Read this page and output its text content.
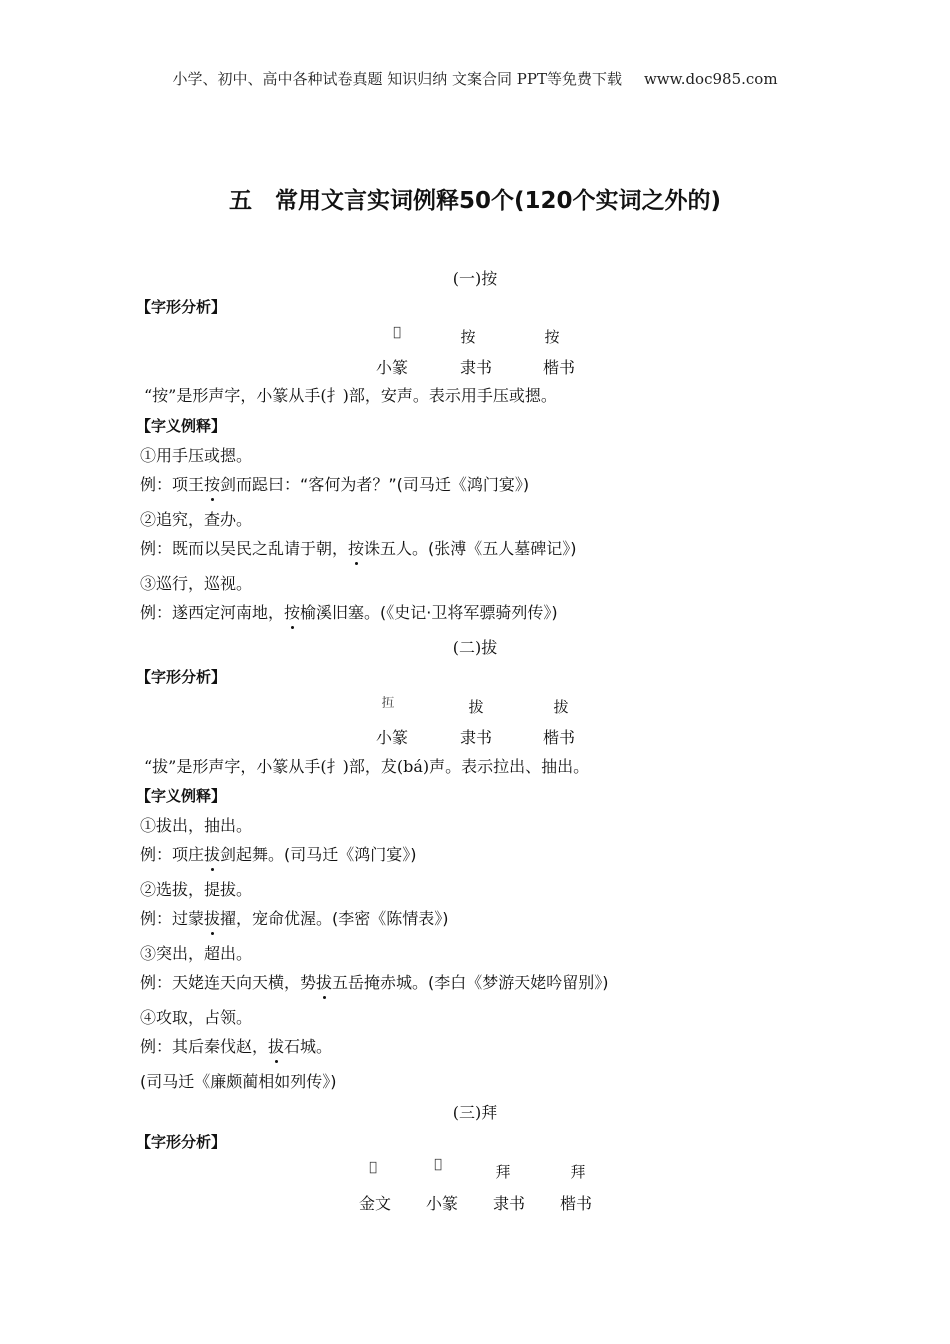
小学、初中、高中各种试卷真题 知识归纳 文案合同 PPT等免费下载 www.doc985.com
五　常用文言实词例释50个(120个实词之外的)
(一)按
【字形分析】
𢪙	按	按
小篆	隶书	楷书
“按”是形声字，小篆从手(扌)部，安声。表示用手压或摁。
【字义例释】
①用手压或摁。
例：项王按剑而跽曰：“客何为者？”(司马迁《鸿门宴》)
②追究，查办。
例：既而以吴民之乱请于朝，按诛五人。(张溥《五人墓碑记》)
③巡行，巡视。
例：遂西定河南地，按榆溪旧塞。(《史记·卫将军骠骑列传》)
(二)拔
【字形分析】
𢪔	拔	拔
小篆	隶书	楷书
“拔”是形声字，小篆从手(扌)部，犮(bá)声。表示拉出、抽出。
【字义例释】
①拔出，抽出。
例：项庄拔剑起舞。(司马迁《鸿门宴》)
②选拔，提拔。
例：过蒙拔擢，宠命优渥。(李密《陈情表》)
③突出，超出。
例：天姥连天向天横，势拔五岳掩赤城。(李白《梦游天姥吟留别》)
④攻取，占领。
例：其后秦伐赵，拔石城。
(司马迁《廉颇蔺相如列传》)
(三)拜
【字形分析】
𢪨	𢪨	拜	拜
金文	小篆	隶书	楷书
